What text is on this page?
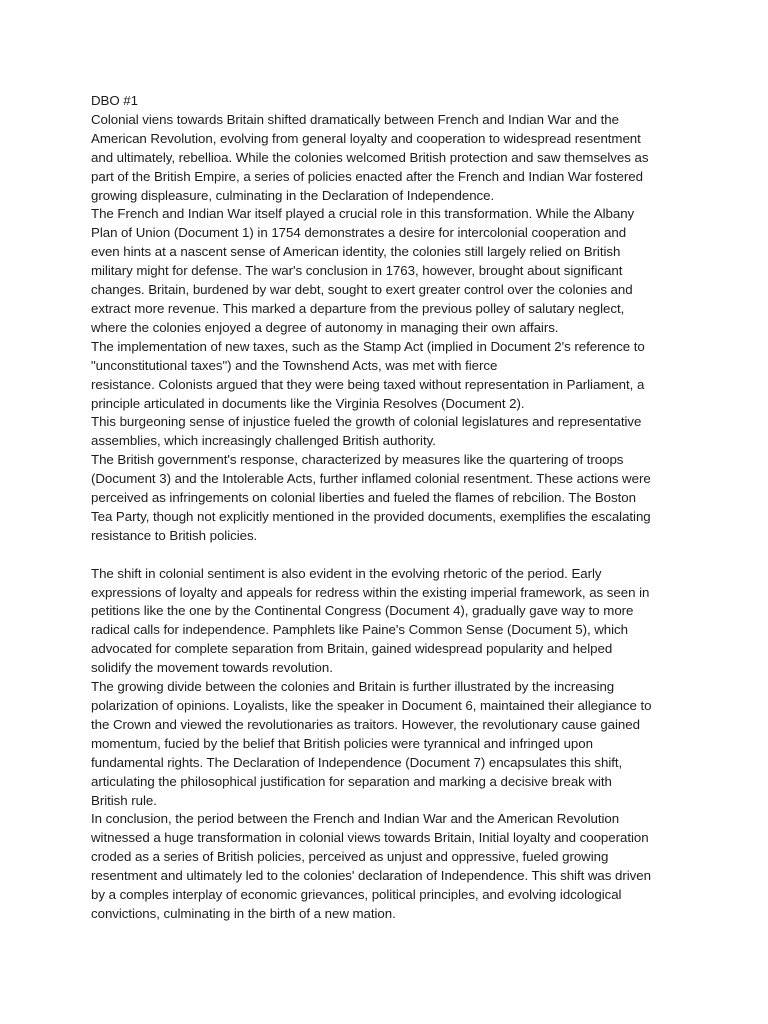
DBO #1

Colonial viens towards Britain shifted dramatically between French and Indian War and the
American Revolution, evolving from general loyalty and cooperation to widespread resentment
and ultimately, rebellioa. While the colonies welcomed British protection and saw themselves as
part of the British Empire, a series of policies enacted after the French and Indian War fostered
growing displeasure, culminating in the Declaration of Independence.

The French and Indian War itself played a crucial role in this transformation. While the Albany
Plan of Union (Document 1) in 1754 demonstrates a desire for intercolonial cooperation and
even hints at a nascent sense of American identity, the colonies still largely relied on British
military might for defense. The war's conclusion in 1763, however, brought about significant
changes. Britain, burdened by war debt, sought to exert greater control over the colonies and
extract more revenue. This marked a departure from the previous polley of salutary neglect,
where the colonies enjoyed a degree of autonomy in managing their own affairs.

The implementation of new taxes, such as the Stamp Act (implied in Document 2's reference to
"unconstitutional taxes") and the Townshend Acts, was met with fierce
resistance. Colonists argued that they were being taxed without representation in Parliament, a
principle articulated in documents like the Virginia Resolves (Document 2).

This burgeoning sense of injustice fueled the growth of colonial legislatures and representative
assemblies, which increasingly challenged British authority.

The British government's response, characterized by measures like the quartering of troops
(Document 3) and the Intolerable Acts, further inflamed colonial resentment. These actions were
perceived as infringements on colonial liberties and fueled the flames of rebcilion. The Boston
Tea Party, though not explicitly mentioned in the provided documents, exemplifies the escalating
resistance to British policies.

The shift in colonial sentiment is also evident in the evolving rhetoric of the period. Early
expressions of loyalty and appeals for redress within the existing imperial framework, as seen in
petitions like the one by the Continental Congress (Document 4), gradually gave way to more
radical calls for independence. Pamphlets like Paine's Common Sense (Document 5), which
advocated for complete separation from Britain, gained widespread popularity and helped
solidify the movement towards revolution.

The growing divide between the colonies and Britain is further illustrated by the increasing
polarization of opinions. Loyalists, like the speaker in Document 6, maintained their allegiance to
the Crown and viewed the revolutionaries as traitors. However, the revolutionary cause gained
momentum, fucied by the belief that British policies were tyrannical and infringed upon
fundamental rights. The Declaration of Independence (Document 7) encapsulates this shift,
articulating the philosophical justification for separation and marking a decisive break with
British rule.

In conclusion, the period between the French and Indian War and the American Revolution
witnessed a huge transformation in colonial views towards Britain, Initial loyalty and cooperation
croded as a series of British policies, perceived as unjust and oppressive, fueled growing
resentment and ultimately led to the colonies' declaration of Independence. This shift was driven
by a comples interplay of economic grievances, political principles, and evolving idcological
convictions, culminating in the birth of a new mation.
